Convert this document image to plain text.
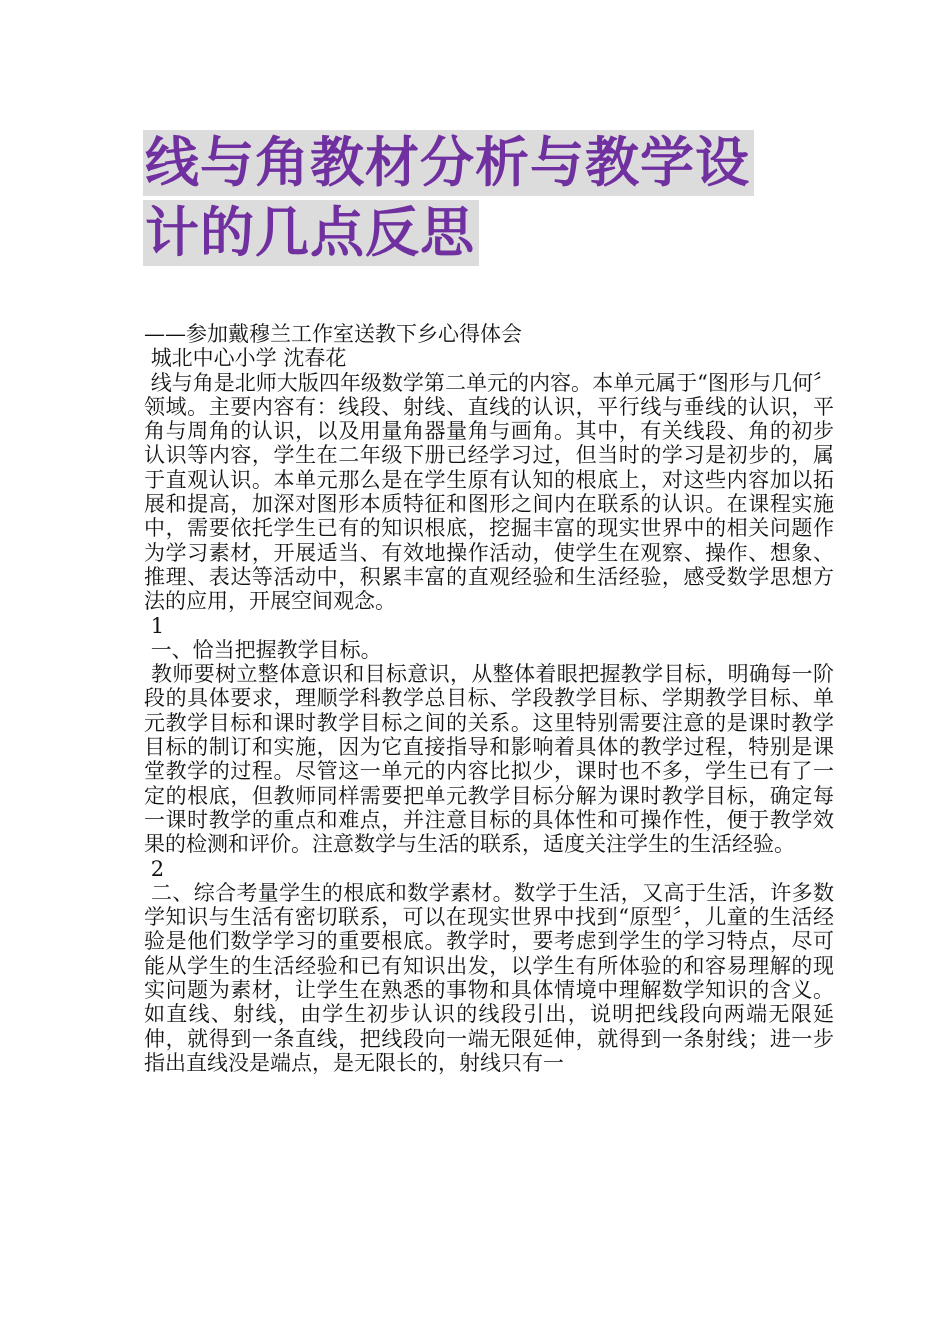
线与角教材分析与教学设
计的几点反思

——参加戴穆兰工作室送教下乡心得体会

城北中心小学 沈春花

线与角是北师大版四年级数学第二单元的内容。本单元属于“图形与几何〞领域。主要内容有：线段、射线、直线的认识，平行线与垂线的认识，平角与周角的认识，以及用量角器量角与画角。其中，有关线段、角的初步认识等内容，学生在二年级下册已经学习过，但当时的学习是初步的，属于直观认识。本单元那么是在学生原有认知的根底上，对这些内容加以拓展和提高，加深对图形本质特征和图形之间内在联系的认识。在课程实施中，需要依托学生已有的知识根底，挖掘丰富的现实世界中的相关问题作为学习素材，开展适当、有效地操作活动，使学生在观察、操作、想象、推理、表达等活动中，积累丰富的直观经验和生活经验，感受数学思想方法的应用，开展空间观念。

1

一、恰当把握教学目标。

教师要树立整体意识和目标意识，从整体着眼把握教学目标，明确每一阶段的具体要求，理顺学科教学总目标、学段教学目标、学期教学目标、单元教学目标和课时教学目标之间的关系。这里特别需要注意的是课时教学目标的制订和实施，因为它直接指导和影响着具体的教学过程，特别是课堂教学的过程。尽管这一单元的内容比拟少，课时也不多，学生已有了一定的根底，但教师同样需要把单元教学目标分解为课时教学目标，确定每一课时教学的重点和难点，并注意目标的具体性和可操作性，便于教学效果的检测和评价。注意数学与生活的联系，适度关注学生的生活经验。

2

二、综合考量学生的根底和数学素材。数学于生活，又高于生活，许多数学知识与生活有密切联系，可以在现实世界中找到“原型〞，儿童的生活经验是他们数学学习的重要根底。教学时，要考虑到学生的学习特点，尽可能从学生的生活经验和已有知识出发，以学生有所体验的和容易理解的现实问题为素材，让学生在熟悉的事物和具体情境中理解数学知识的含义。如直线、射线，由学生初步认识的线段引出，说明把线段向两端无限延伸，就得到一条直线，把线段向一端无限延伸，就得到一条射线；进一步指出直线没是端点，是无限长的，射线只有一
